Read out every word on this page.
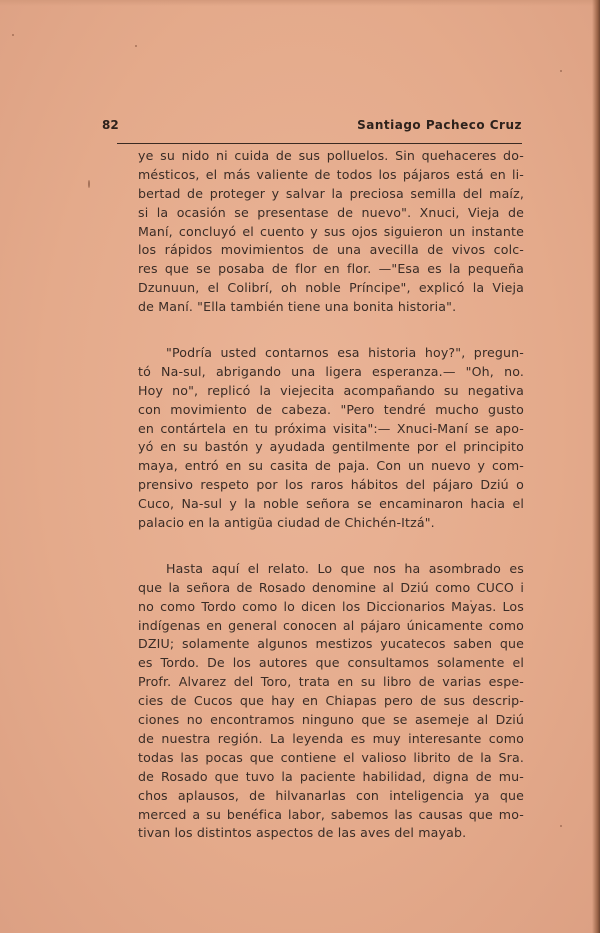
82	Santiago Pacheco Cruz
ye su nido ni cuida de sus polluelos. Sin quehaceres do-
mésticos, el más valiente de todos los pájaros está en li-
bertad de proteger y salvar la preciosa semilla del maíz,
si la ocasión se presentase de nuevo". Xnuci, Vieja de
Maní, concluyó el cuento y sus ojos siguieron un instante
los rápidos movimientos de una avecilla de vivos colc-
res que se posaba de flor en flor. —"Esa es la pequeña
Dzunuun, el Colibrí, oh noble Príncipe", explicó la Vieja
de Maní. "Ella también tiene una bonita historia".
"Podría usted contarnos esa historia hoy?", pregun-
tó Na-sul, abrigando una ligera esperanza.— "Oh, no.
Hoy no", replicó la viejecita acompañando su negativa
con movimiento de cabeza. "Pero tendré mucho gusto
en contártela en tu próxima visita":— Xnuci-Maní se apo-
yó en su bastón y ayudada gentilmente por el principito
maya, entró en su casita de paja. Con un nuevo y com-
prensivo respeto por los raros hábitos del pájaro Dziú o
Cuco, Na-sul y la noble señora se encaminaron hacia el
palacio en la antigüa ciudad de Chichén-Itzá".
Hasta aquí el relato. Lo que nos ha asombrado es
que la señora de Rosado denomine al Dziú como CUCO i
no como Tordo como lo dicen los Diccionarios Mayas. Los
indígenas en general conocen al pájaro únicamente como
DZIU; solamente algunos mestizos yucatecos saben que
es Tordo. De los autores que consultamos solamente el
Profr. Alvarez del Toro, trata en su libro de varias espe-
cies de Cucos que hay en Chiapas pero de sus descrip-
ciones no encontramos ninguno que se asemeje al Dziú
de nuestra región. La leyenda es muy interesante como
todas las pocas que contiene el valioso librito de la Sra.
de Rosado que tuvo la paciente habilidad, digna de mu-
chos aplausos, de hilvanarlas con inteligencia ya que
merced a su benéfica labor, sabemos las causas que mo-
tivan los distintos aspectos de las aves del mayab.
